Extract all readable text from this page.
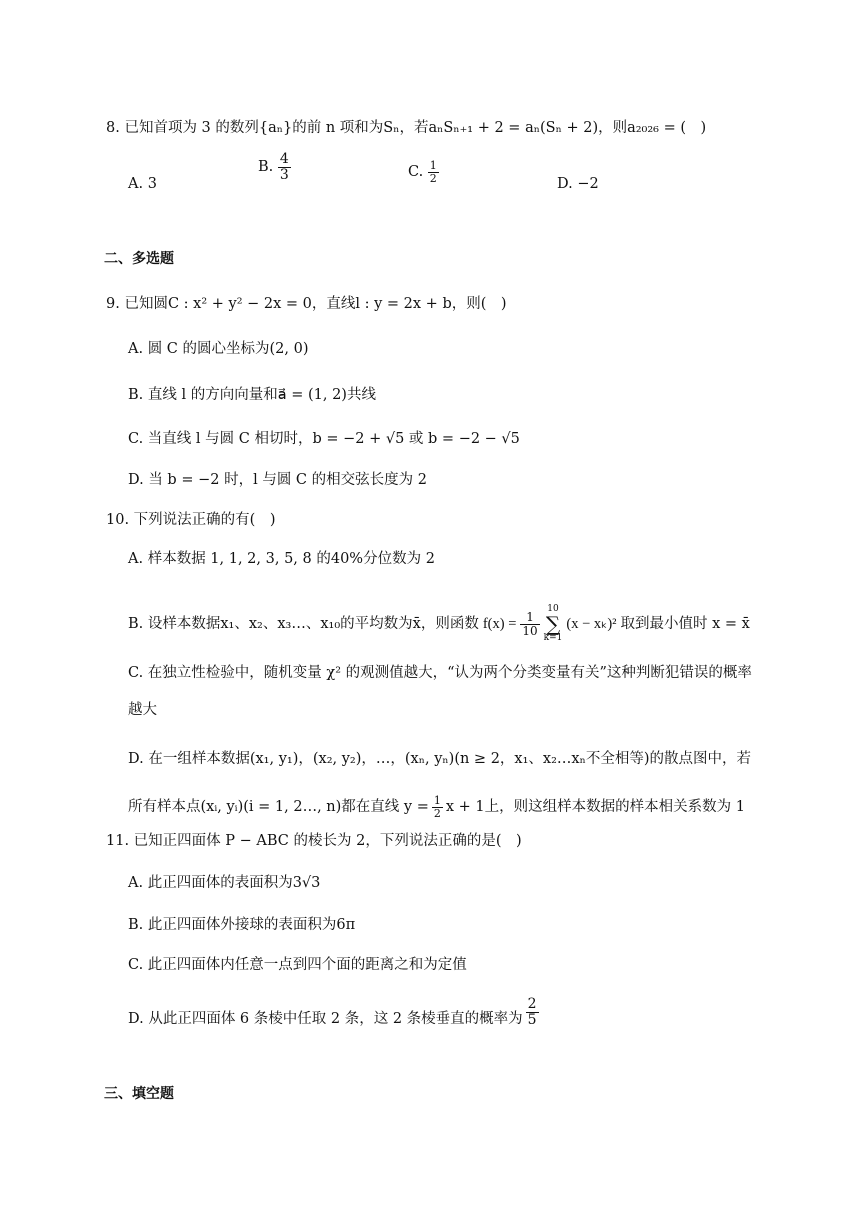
8. 已知首项为 3 的数列{aₙ}的前 n 项和为Sₙ，若aₙSₙ₊₁ + 2 = aₙ(Sₙ + 2)，则a₂₀₂₆ = (　)
A. 3
B. $\frac{4}{3}$	C. $\frac{1}{2}$	D. −2
二、多选题
9. 已知圆C : x² + y² − 2x = 0，直线l : y = 2x + b，则(　)
A. 圆 C 的圆心坐标为(2, 0)
B. 直线 l 的方向向量和a⃗ = (1, 2)共线
C. 当直线 l 与圆 C 相切时，b = −2 + √5 或 b = −2 − √5
D. 当 b = −2 时，l 与圆 C 的相交弦长度为 2
10. 下列说法正确的有(　)
A. 样本数据 1, 1, 2, 3, 5, 8 的40%分位数为 2
B. 设样本数据x₁、x₂、x₃…、x₁₀的平均数为x̄，则函数 $f(x) = \frac{1}{10}$
10
∑
k=1
(x − xₖ)² 取到最小值时 x = x̄
C. 在独立性检验中，随机变量 χ² 的观测值越大，“认为两个分类变量有关”这种判断犯错误的概率
越大
D. 在一组样本数据(x₁, y₁)，(x₂, y₂)，…，(xₙ, yₙ)(n ≥ 2，x₁、x₂…xₙ不全相等)的散点图中，若
所有样本点(xᵢ, yᵢ)(i = 1, 2…, n)都在直线 $y = \frac{1}{2}$ x + 1上，则这组样本数据的样本相关系数为 1
11. 已知正四面体 P − ABC 的棱长为 2，下列说法正确的是(　)
A. 此正四面体的表面积为3√3
B. 此正四面体外接球的表面积为6π
C. 此正四面体内任意一点到四个面的距离之和为定值
D. 从此正四面体 6 条棱中任取 2 条，这 2 条棱垂直的概率为 $\frac{2}{5}$
三、填空题
